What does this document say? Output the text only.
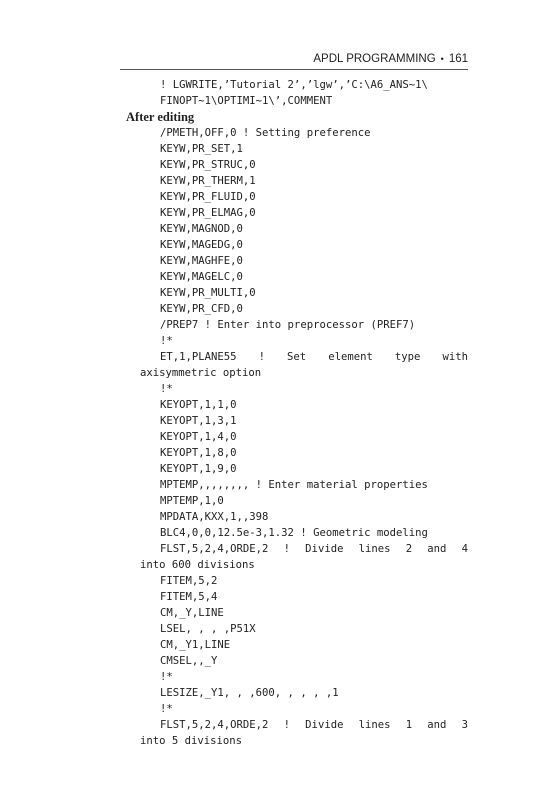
APDL PROGRAMMING • 161
! LGWRITE,’Tutorial 2’,’lgw’,’C:\A6_ANS~1\
FINOPT~1\OPTIMI~1\’,COMMENT
After editing
/PMETH,OFF,0 ! Setting preference
KEYW,PR_SET,1
KEYW,PR_STRUC,0
KEYW,PR_THERM,1
KEYW,PR_FLUID,0
KEYW,PR_ELMAG,0
KEYW,MAGNOD,0
KEYW,MAGEDG,0
KEYW,MAGHFE,0
KEYW,MAGELC,0
KEYW,PR_MULTI,0
KEYW,PR_CFD,0
/PREP7 ! Enter into preprocessor (PREF7)
!*
ET,1,PLANE55 ! Set element type with
axisymmetric option
!*
KEYOPT,1,1,0
KEYOPT,1,3,1
KEYOPT,1,4,0
KEYOPT,1,8,0
KEYOPT,1,9,0
MPTEMP,,,,,,,, ! Enter material properties
MPTEMP,1,0
MPDATA,KXX,1,,398
BLC4,0,0,12.5e-3,1.32 ! Geometric modeling
FLST,5,2,4,ORDE,2 ! Divide lines 2 and 4
into 600 divisions
FITEM,5,2
FITEM,5,4
CM,_Y,LINE
LSEL, , , ,P51X
CM,_Y1,LINE
CMSEL,,_Y
!*
LESIZE,_Y1, , ,600, , , , ,1
!*
FLST,5,2,4,ORDE,2 ! Divide lines 1 and 3
into 5 divisions
